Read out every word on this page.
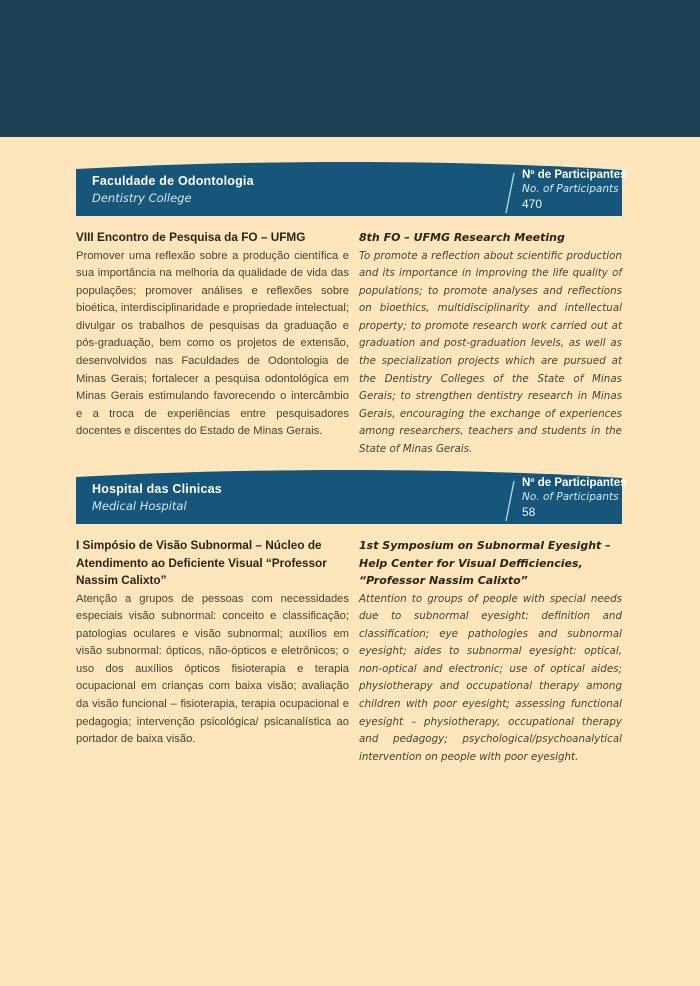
Faculdade de Odontologia
Dentistry College
Nº de Participantes
No. of Participants
470
VIII Encontro de Pesquisa da FO – UFMG
Promover uma reflexão sobre a produção científica e sua importância na melhoria da qualidade de vida das populações; promover análises e reflexões sobre bioética, interdisciplinaridade e propriedade intelectual; divulgar os trabalhos de pesquisas da graduação e pós-graduação, bem como os projetos de extensão, desenvolvidos nas Faculdades de Odontologia de Minas Gerais; fortalecer a pesquisa odontológica em Minas Gerais estimulando favorecendo o intercâmbio e a troca de experiências entre pesquisadores docentes e discentes do Estado de Minas Gerais.
8th FO – UFMG Research Meeting
To promote a reflection about scientific production and its importance in improving the life quality of populations; to promote analyses and reflections on bioethics, multidisciplinarity and intellectual property; to promote research work carried out at graduation and post-graduation levels, as well as the specialization projects which are pursued at the Dentistry Colleges of the State of Minas Gerais; to strengthen dentistry research in Minas Gerais, encouraging the exchange of experiences among researchers, teachers and students in the State of Minas Gerais.
Hospital das Clinicas
Medical Hospital
Nº de Participantes
No. of Participants
58
I Simpósio de Visão Subnormal – Núcleo de Atendimento ao Deficiente Visual “Professor Nassim Calixto”
Atenção a grupos de pessoas com necessidades especiais visão subnormal: conceito e classificação; patologias oculares e visão subnormal; auxílios em visão subnormal: ópticos, não-ópticos e eletrônicos; o uso dos auxílios ópticos fisioterapia e terapia ocupacional em crianças com baixa visão; avaliação da visão funcional – fisioterapia, terapia ocupacional e pedagogia; intervenção psicológica/ psicanalística ao portador de baixa visão.
1st Symposium on Subnormal Eyesight – Help Center for Visual Defficiencies, “Professor Nassim Calixto”
Attention to groups of people with special needs due to subnormal eyesight: definition and classification; eye pathologies and subnormal eyesight; aides to subnormal eyesight: optical, non-optical and electronic; use of optical aides; physiotherapy and occupational therapy among children with poor eyesight; assessing functional eyesight – physiotherapy, occupational therapy and pedagogy; psychological/psychoanalytical intervention on people with poor eyesight.
